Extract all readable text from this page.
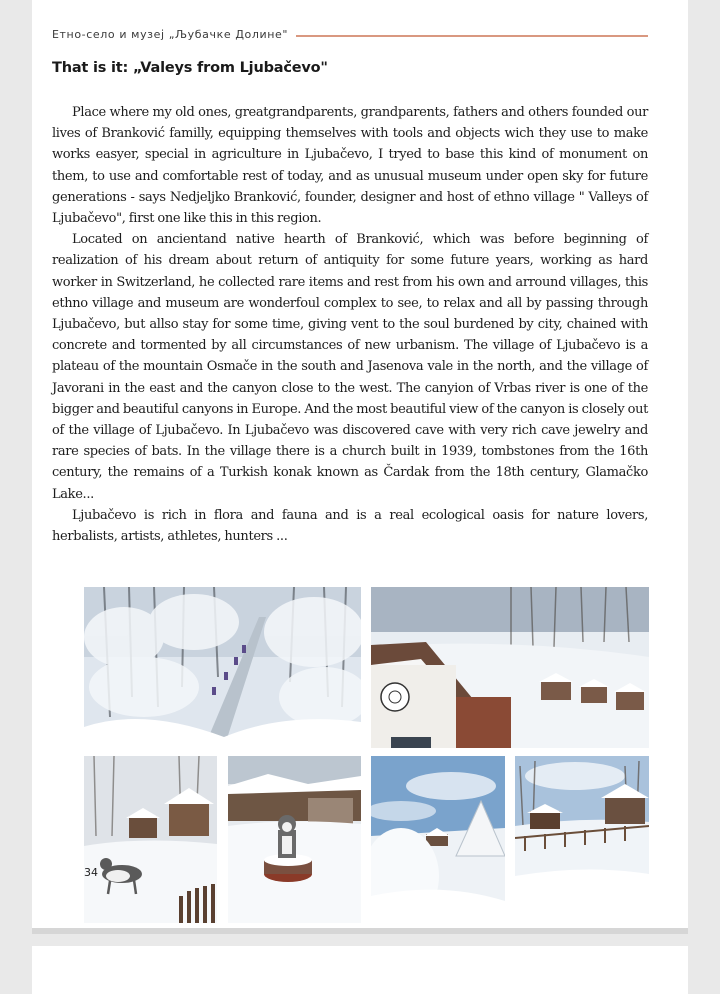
Етно-село и музеј „Љубачке Долине"
That is it: „Valeys from Ljubačevo"

Place where my old ones, greatgrandparents, grandparents, fathers and others founded our lives of Branković familly, equipping themselves with tools and objects wich they use to make works easyer, special in agriculture in Ljubačevo, I tryed to base this kind of monument on them, to use and comfortable rest of today, and as unusual museum under open sky for future generations - says Nedjeljko Branković, founder, designer and host of ethno village " Valleys of Ljubačevo", first one like this in this region.

Located on ancientand native hearth of Branković, which was before beginning of realization of his dream about return of antiquity for some future years, working as hard worker in Switzerland, he collected rare items and rest from his own and arround villages, this ethno village and museum are wonderfoul complex to see, to relax and all by passing through Ljubačevo, but allso stay for some time, giving vent to the soul burdened by city, chained with concrete and tormented by all circumstances of new urbanism. The village of Ljubačevo is a plateau of the mountain Osmače in the south and Jasenova vale in the north, and the village of Javorani in the east and the canyon close to the west. The canyion of Vrbas river is one of the bigger and beautiful canyons in Europe. And the most beautiful view of the canyon is closely out of the village of Ljubačevo. In Ljubačevo was discovered cave with very rich cave jewelry and rare species of bats. In the village there is a church built in 1939, tombstones from the 16th century, the remains of a Turkish konak known as Čardak from the 18th century, Glamačko Lake...

Ljubačevo is rich in flora and fauna and is a real ecological oasis for nature lovers, herbalists, artists, athletes, hunters ...

34
